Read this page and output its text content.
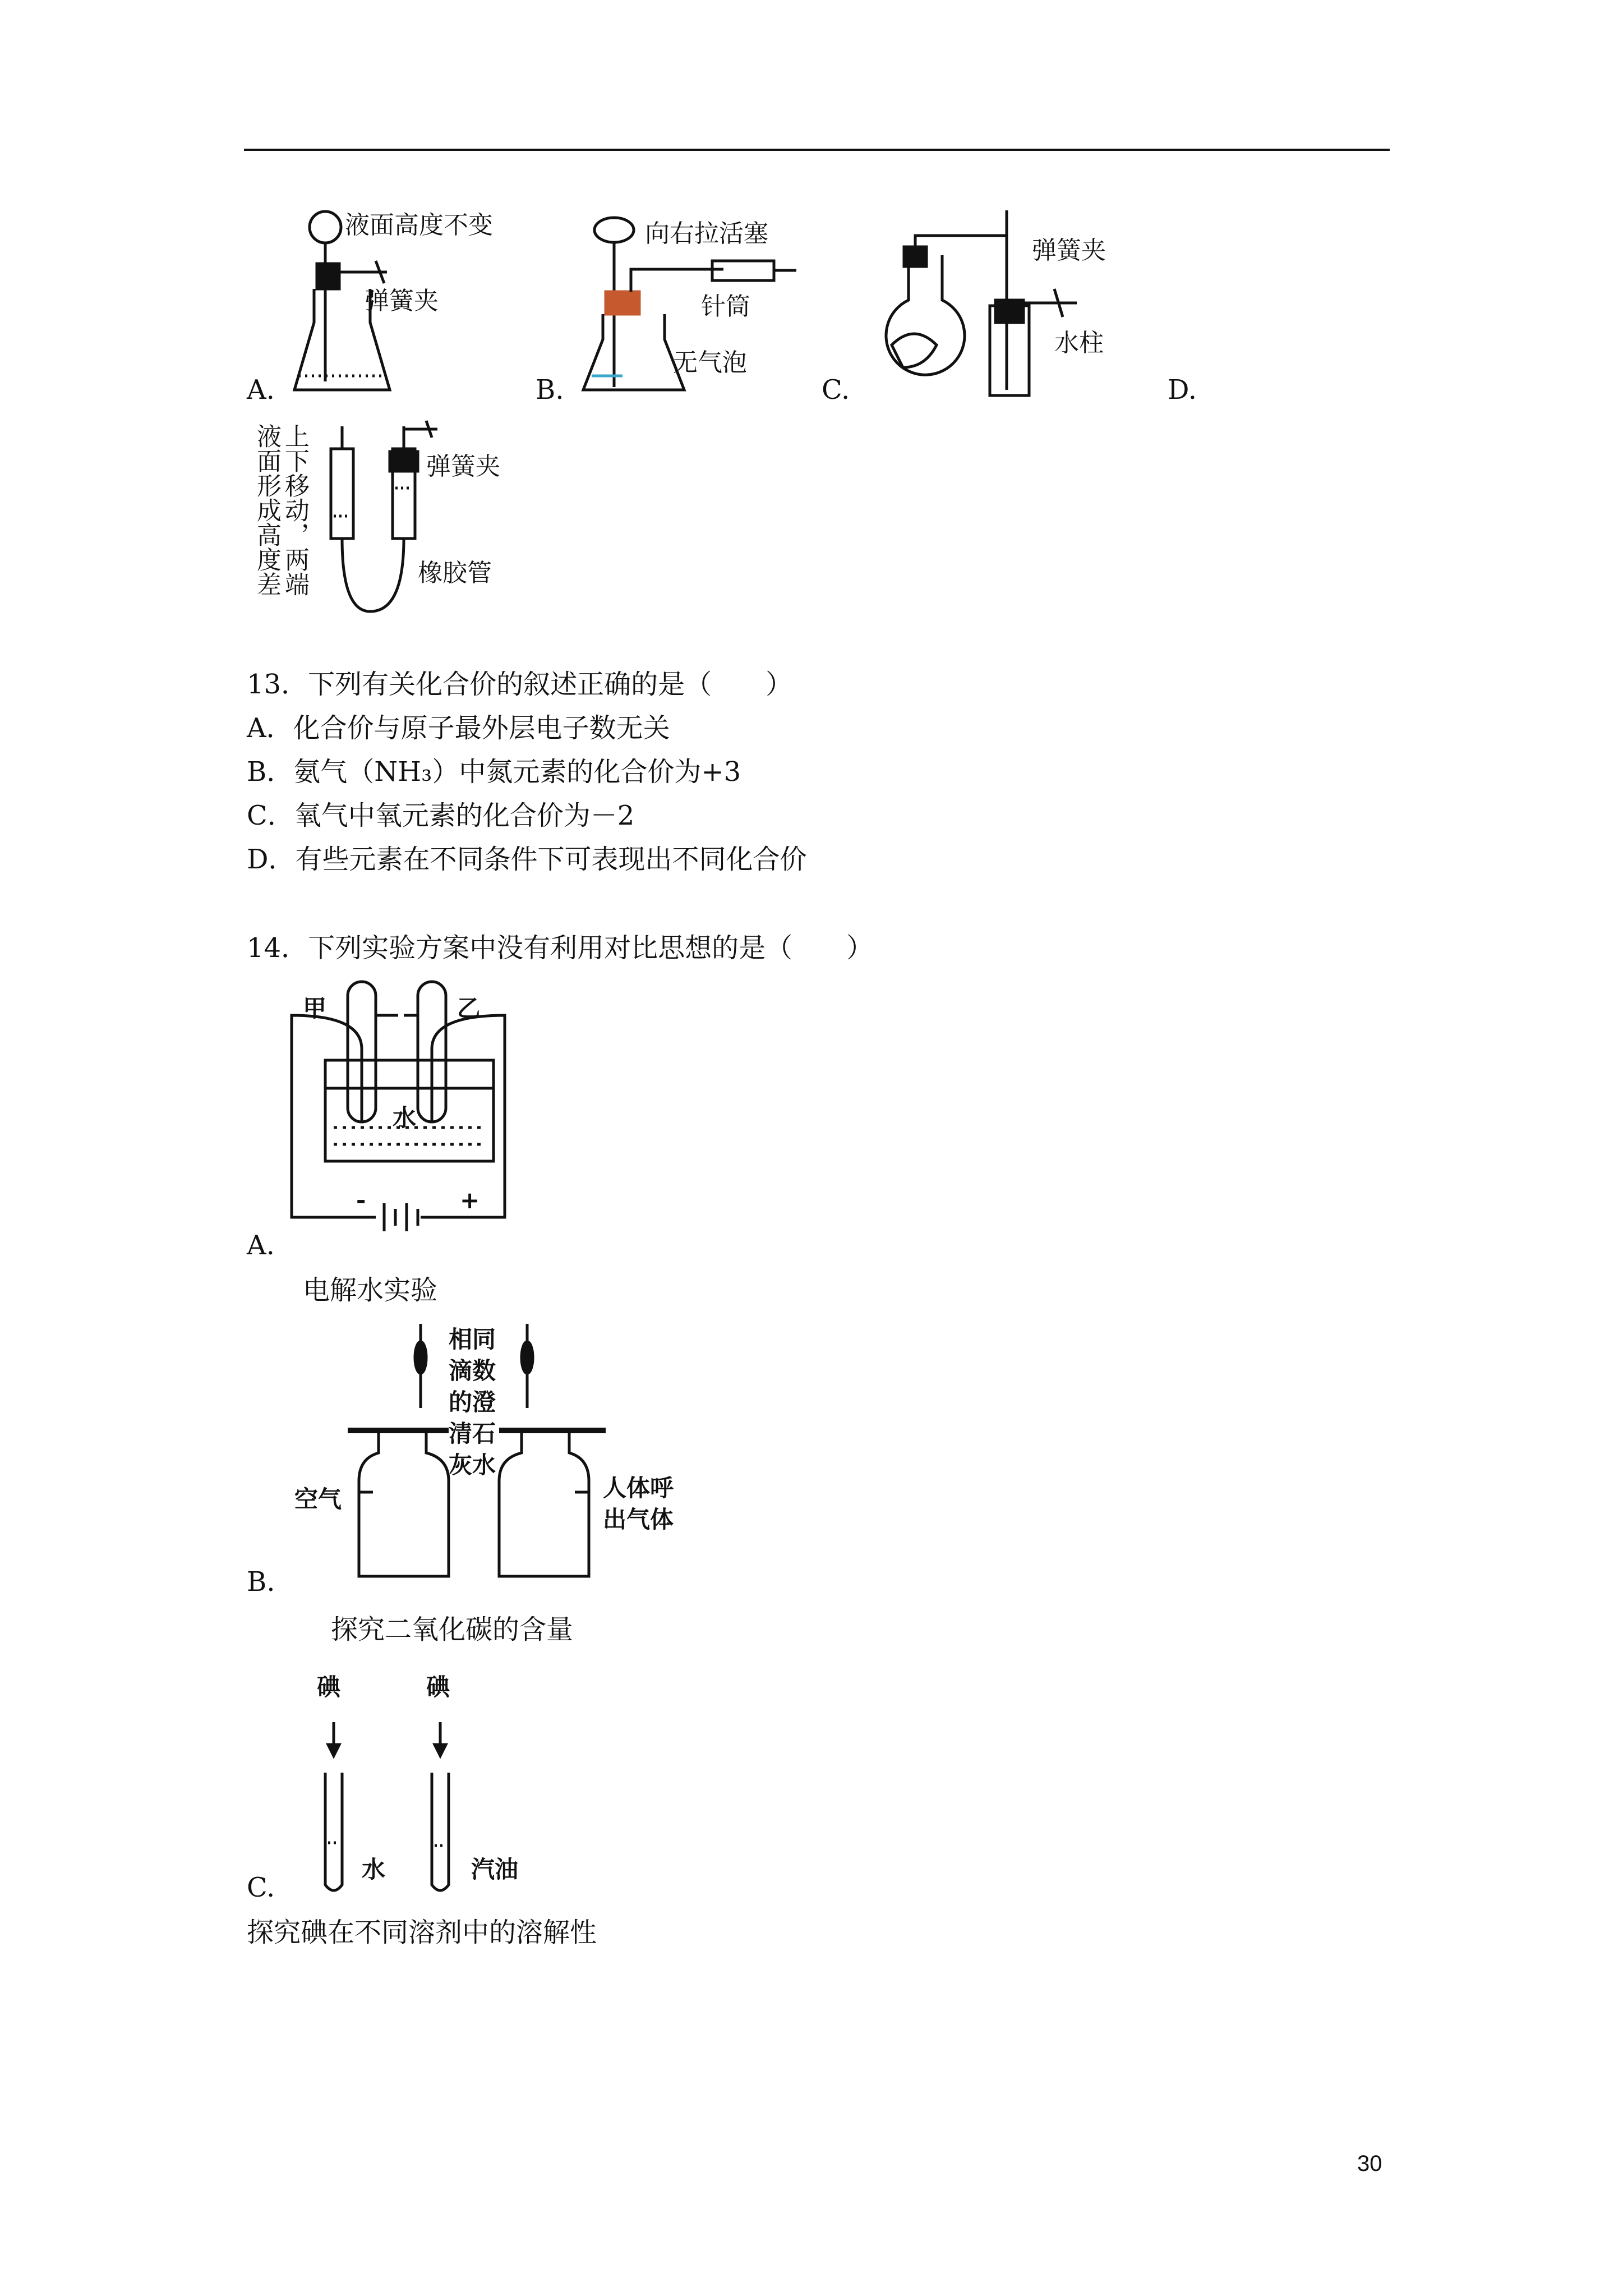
液面高度不变
弹簧夹
A.
向右拉活塞
针筒
无气泡
B.
弹簧夹
水柱
C.	D.
上下移动，两端液面形成高度差	弹簧夹
橡胶管
13．下列有关化合价的叙述正确的是（　　）
A．化合价与原子最外层电子数无关
B．氨气（NH₃）中氮元素的化合价为+3
C．氧气中氧元素的化合价为－2
D．有些元素在不同条件下可表现出不同化合价
14．下列实验方案中没有利用对比思想的是（　　）
甲	乙
水
-	+
A.
电解水实验
相同滴数的澄清石灰水
空气	人体呼出气体
B.
探究二氧化碳的含量
碘	碘
水	汽油
C.
探究碘在不同溶剂中的溶解性
30
